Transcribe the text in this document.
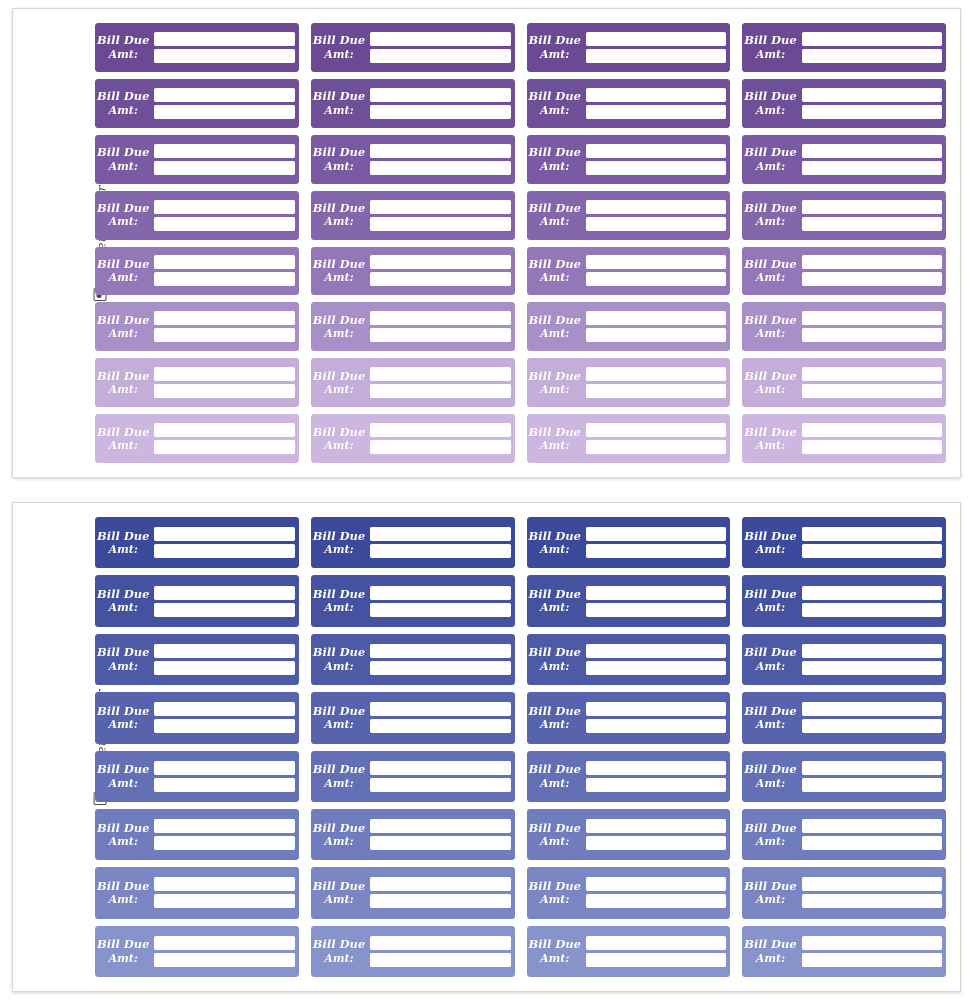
Bill Due
Amt:
Bill Due
Amt:
Bill Due
Amt:
Bill Due
Amt:
Bill Due
Amt:
Bill Due
Amt:
Bill Due
Amt:
Bill Due
Amt:
Bill Due
Amt:
Bill Due
Amt:
Bill Due
Amt:
Bill Due
Amt:
Bill Due
Amt:
Bill Due
Amt:
Bill Due
Amt:
Bill Due
Amt:
Bill Due
Amt:
Bill Due
Amt:
Bill Due
Amt:
Bill Due
Amt:
Bill Due
Amt:
Bill Due
Amt:
Bill Due
Amt:
Bill Due
Amt:
Bill Due
Amt:
Bill Due
Amt:
Bill Due
Amt:
Bill Due
Amt:
Bill Due
Amt:
Bill Due
Amt:
Bill Due
Amt:
Bill Due
Amt:
Bill Due
Amt:
Bill Due
Amt:
Bill Due
Amt:
Bill Due
Amt:
Bill Due
Amt:
Bill Due
Amt:
Bill Due
Amt:
Bill Due
Amt:
Bill Due
Amt:
Bill Due
Amt:
Bill Due
Amt:
Bill Due
Amt:
Bill Due
Amt:
Bill Due
Amt:
Bill Due
Amt:
Bill Due
Amt:
Bill Due
Amt:
Bill Due
Amt:
Bill Due
Amt:
Bill Due
Amt:
Bill Due
Amt:
Bill Due
Amt:
Bill Due
Amt:
Bill Due
Amt:
Bill Due
Amt:
Bill Due
Amt:
Bill Due
Amt:
Bill Due
Amt:
Bill Due
Amt:
Bill Due
Amt:
Bill Due
Amt:
Bill Due
Amt:
